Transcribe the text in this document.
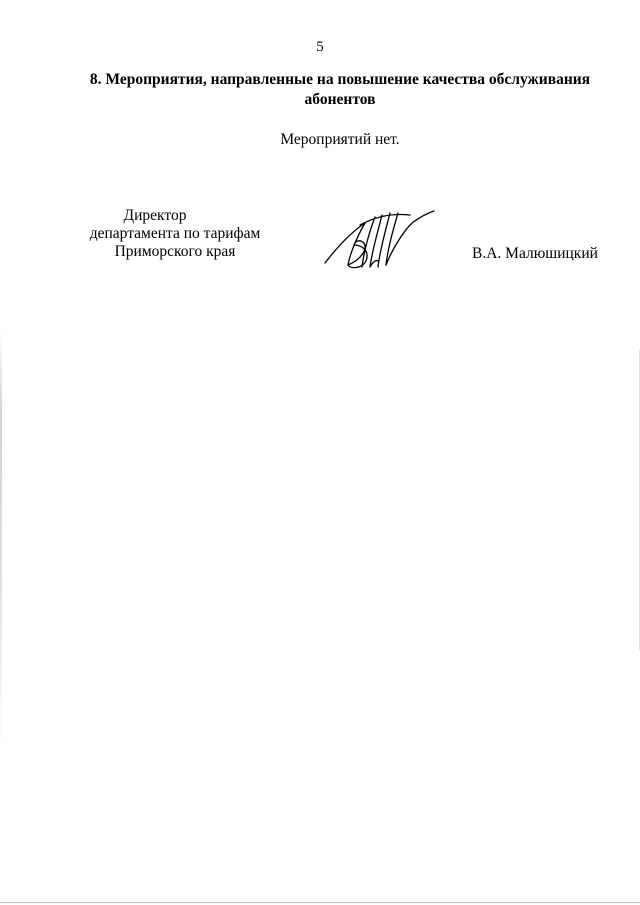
5
8. Мероприятия, направленные на повышение качества обслуживания
абонентов
Мероприятий нет.
Директор
департамента по тарифам
Приморского края	В.А. Малюшицкий
